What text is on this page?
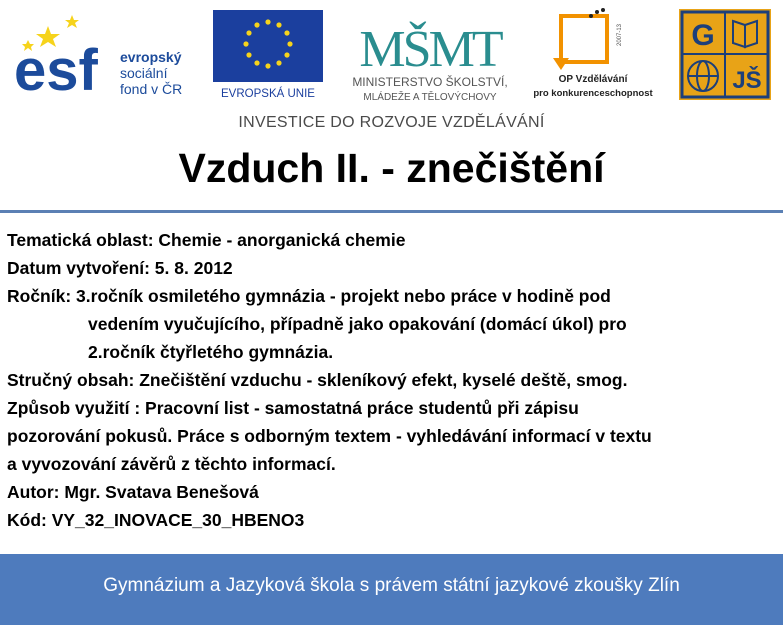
esf evropský
sociální
fond v ČR	EVROPSKÁ UNIE
MŠMT
MINISTERSTVO ŠKOLSTVÍ,
MLÁDEŽE A TĚLOVÝCHOVY
2007-13
OP Vzdělávání
pro konkurenceschopnost
G
JŠ
INVESTICE DO ROZVOJE VZDĚLÁVÁNÍ
Vzduch II. - znečištění
Tematická oblast: Chemie - anorganická chemie
Datum vytvoření: 5. 8. 2012
Ročník: 3.ročník osmiletého gymnázia - projekt nebo práce v hodině pod
vedením vyučujícího, případně jako opakování (domácí úkol) pro
2.ročník čtyřletého gymnázia.
Stručný obsah: Znečištění vzduchu - skleníkový efekt, kyselé deště, smog.
Způsob využití : Pracovní list - samostatná práce studentů při zápisu
pozorování pokusů. Práce s odborným textem - vyhledávání informací v textu
a vyvozování závěrů z těchto informací.
Autor: Mgr. Svatava Benešová
Kód: VY_32_INOVACE_30_HBENO3
Gymnázium a Jazyková škola s právem státní jazykové zkoušky Zlín
